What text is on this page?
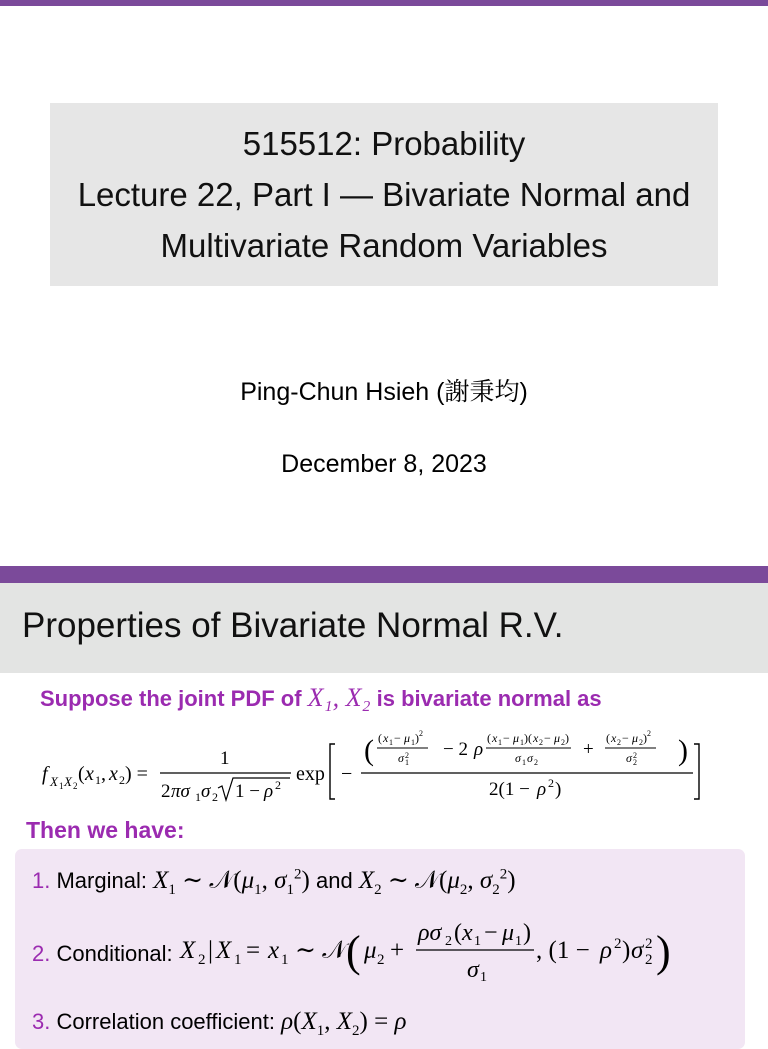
515512: Probability
Lecture 22, Part I — Bivariate Normal and
Multivariate Random Variables
Ping-Chun Hsieh (謝秉均)
December 8, 2023
Properties of Bivariate Normal R.V.
Suppose the joint PDF of X₁, X₂ is bivariate normal as
f X 1 X 2
( x 1 , x 2 ) =
1
2 πσ 1 σ 2 1 − ρ 2 exp −
( ( x 1 − μ 1 ) 2
σ 1
2 − 2 ρ
( x 1 − μ 1 )( x 2 − μ 2 )
σ 1 σ 2
+
( x 2 − μ 2 ) 2
σ 2
2 )
2(1 − ρ 2 )
Then we have:
1. Marginal: $X_1$ ∼ $𝒩(\mu_1$, $\sigma_1^2$) and $X_2$ ∼ $𝒩(\mu_2$, $\sigma_2^2$)
2. Conditional: X 2 | X 1 = x 1 ∼ 𝒩 ( μ 2 +
ρσ 2 ( x 1 − μ 1 )
σ 1
, (1 − ρ 2 ) σ 2
2 )
3. Correlation coefficient: $\rho(X_1$, $X_2) = \rho$
